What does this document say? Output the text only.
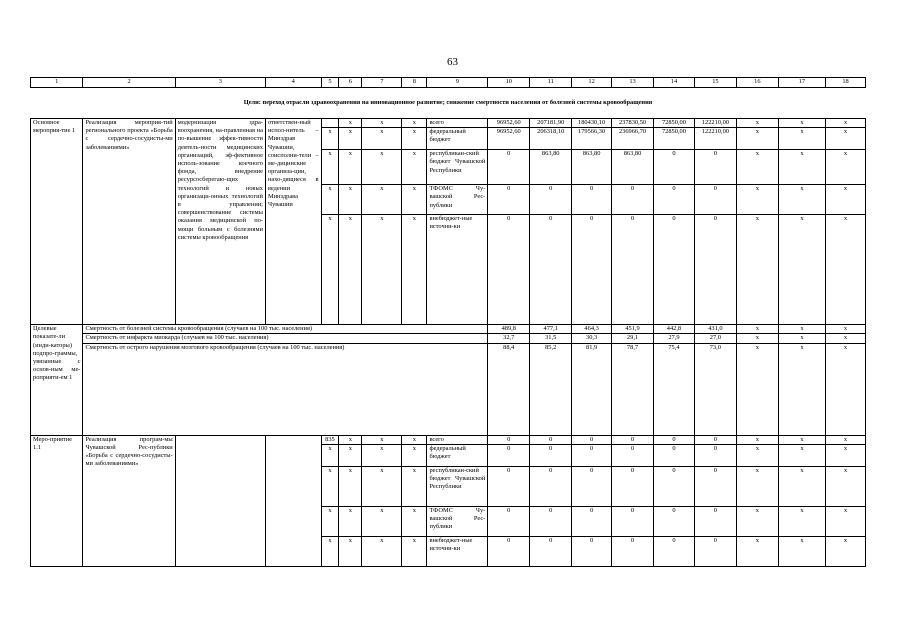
63
1	2	3	4	5	6	7	8	9	10	11	12	13	14	15	16	17	18
Цели: переход отрасли здравоохранения на инновационное развитие; снижение смертности населения от болезней системы кровообращения																	
Основное мероприя-тие 1	Реализация мероприя-тий регионального проекта «Борьба с сердечно-сосудисты-ми заболеваниями»	модернизация здра-воохранения, на-правленная на по-вышение эффек-тивности деятель-ности медицинских организаций, эф-фективное исполь-зование коечного фонда, внедрение ресурсосберегаю-щих технологий и новых организаци-онных технологий в управлении; совершенствование системы оказания медицинской по-мощи больным с болезнями системы кровообращения	ответствен-ный испол-нитель – Минздрав Чувашии, соисполни-тели – ме-дицинские организа-ции, нахо-дящиеся в ведении Минздрава Чувашии		x	x	x	всего	96952,60	207181,90	180430,10	237830,50	72850,00	122210,00	x	x	x
				x	x	x	x	федеральный бюджет	96952,60	206318,10	179566,30	236966,70	72850,00	122210,00	x	x	x
				x	x	x	x	республикан-ский бюджет Чувашской Республики	0	863,80	863,80	863,80	0	0	x	x	x
				x	x	x	x	ТФОМС Чу-вашской Рес-публики	0	0	0	0	0	0	x	x	x
				x	x	x	x	внебюджет-ные источни-ки	0	0	0	0	0	0	x	x	x
Целевые показате-ли (инди-каторы) подпро-граммы, увязанные с основ-ным ме-роприяти-ем 1	Смертность от болезней системы кровообращения (случаев на 100 тыс. населения)								489,8	477,1	464,3	451,9	442,8	431,0	x	x	x
	Смертность от инфаркта миокарда (случаев на 100 тыс. населения)								32,7	31,5	30,3	29,1	27,9	27,0	x	x	x
	Смертность от острого нарушения мозгового кровообращения (случаев на 100 тыс. населения)								88,4	85,2	81,9	78,7	75,4	73,0	x	x	x
Меро-приятие 1.1	Реализация програм-мы Чувашской Рес-публики «Борьба с сердечно-сосудисты-ми заболеваниями»			835	x	x	x	всего	0	0	0	0	0	0	x	x	x
				x	x	x	x	федеральный бюджет	0	0	0	0	0	0	x	x	x
				x	x	x	x	республикан-ский бюджет Чувашской Республики	0	0	0	0	0	0	x	x	x
				x	x	x	x	ТФОМС Чу-вашской Рес-публики	0	0	0	0	0	0	x	x	x
				x	x	x	x	внебюджет-ные источни-ки	0	0	0	0	0	0	x	x	x
